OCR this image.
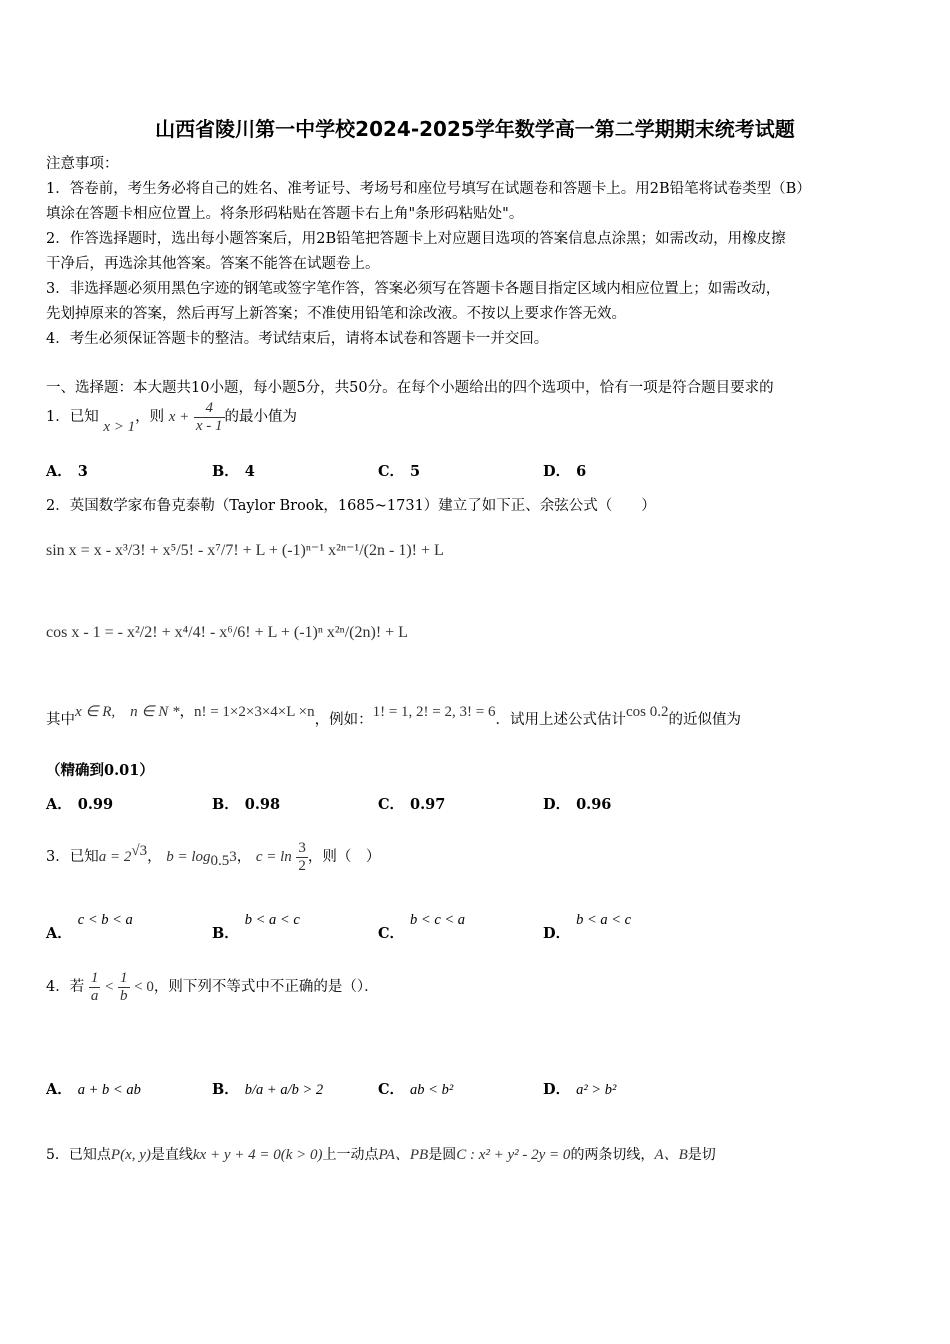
山西省陵川第一中学校2024-2025学年数学高一第二学期期末统考试题
注意事项：
1．答卷前，考生务必将自己的姓名、准考证号、考场号和座位号填写在试题卷和答题卡上。用2B铅笔将试卷类型（B）
填涂在答题卡相应位置上。将条形码粘贴在答题卡右上角"条形码粘贴处"。
2．作答选择题时，选出每小题答案后，用2B铅笔把答题卡上对应题目选项的答案信息点涂黑；如需改动，用橡皮擦
干净后，再选涂其他答案。答案不能答在试题卷上。
3．非选择题必须用黑色字迹的钢笔或签字笔作答，答案必须写在答题卡各题目指定区域内相应位置上；如需改动，
先划掉原来的答案，然后再写上新答案；不准使用铅笔和涂改液。不按以上要求作答无效。
4．考生必须保证答题卡的整洁。考试结束后，请将本试卷和答题卡一并交回。
一、选择题：本大题共10小题，每小题5分，共50分。在每个小题给出的四个选项中，恰有一项是符合题目要求的
1．已知 x > 1，则 $x + \frac{4}{x - 1}$ 的最小值为
A． 3	B． 4	C． 5	D． 6
2．英国数学家布鲁克泰勒（Taylor Brook，1685~1731）建立了如下正、余弦公式（　　）
sin x = x - x³/3! + x⁵/5! - x⁷/7! + L + (-1)ⁿ⁻¹ x²ⁿ⁻¹/(2n - 1)! + L
cos x - 1 = - x²/2! + x⁴/4! - x⁶/6! + L + (-1)ⁿ x²ⁿ/(2n)! + L
其中x ∈ R,　n ∈ N *，n! = 1×2×3×4×L ×n，例如：1! = 1, 2! = 2, 3! = 6．试用上述公式估计cos 0.2的近似值为
（精确到0.01）
A． 0.99	B． 0.98	C． 0.97	D． 0.96
3．已知$a = 2^{√3}$， $b = \log_{0.5}3$， $c = \ln \frac{3}{2}$ ，则（　）
A．c < b < a
B．b < a < c
C．b < c < a
D．b < a < c
4．若 $\frac{1}{a} < \frac{1}{b} < 0$，则下列不等式中不正确的是（）．
A． a + b < ab	B． b/a + a/b > 2	C． ab < b²	D． a² > b²
5．已知点P(x, y)是直线kx + y + 4 = 0(k > 0)上一动点PA、PB是圆C : x² + y² - 2y = 0的两条切线，A、B是切
